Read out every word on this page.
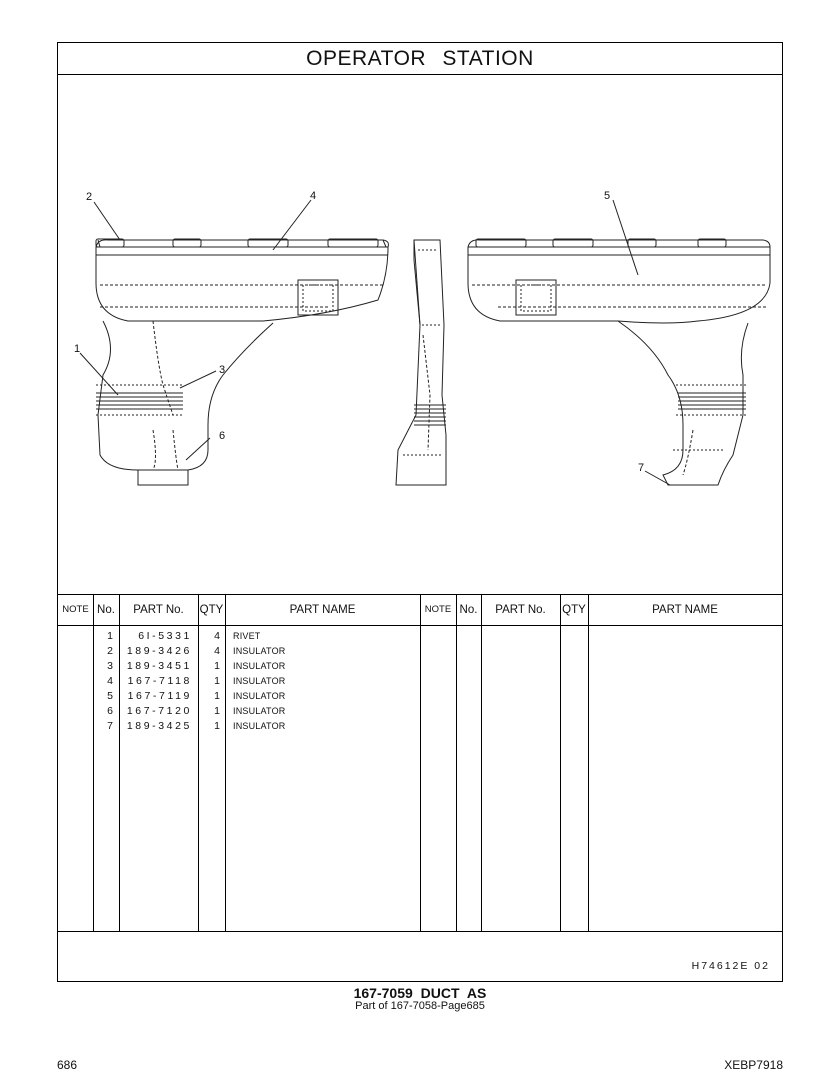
OPERATOR STATION
2	4	5
1
3
6
7
NOTE No.	PART No.	QTY	PART NAME	NOTE No.	PART No.	QTY	PART NAME
1	6I-5331	4 RIVET
2	189-3426	4 INSULATOR
3	189-3451	1 INSULATOR
4	167-7118	1 INSULATOR
5	167-7119	1 INSULATOR
6	167-7120	1 INSULATOR
7	189-3425	1 INSULATOR
H74612E 02
167-7059 DUCT AS
Part of 167-7058-Page685
686	XEBP7918
